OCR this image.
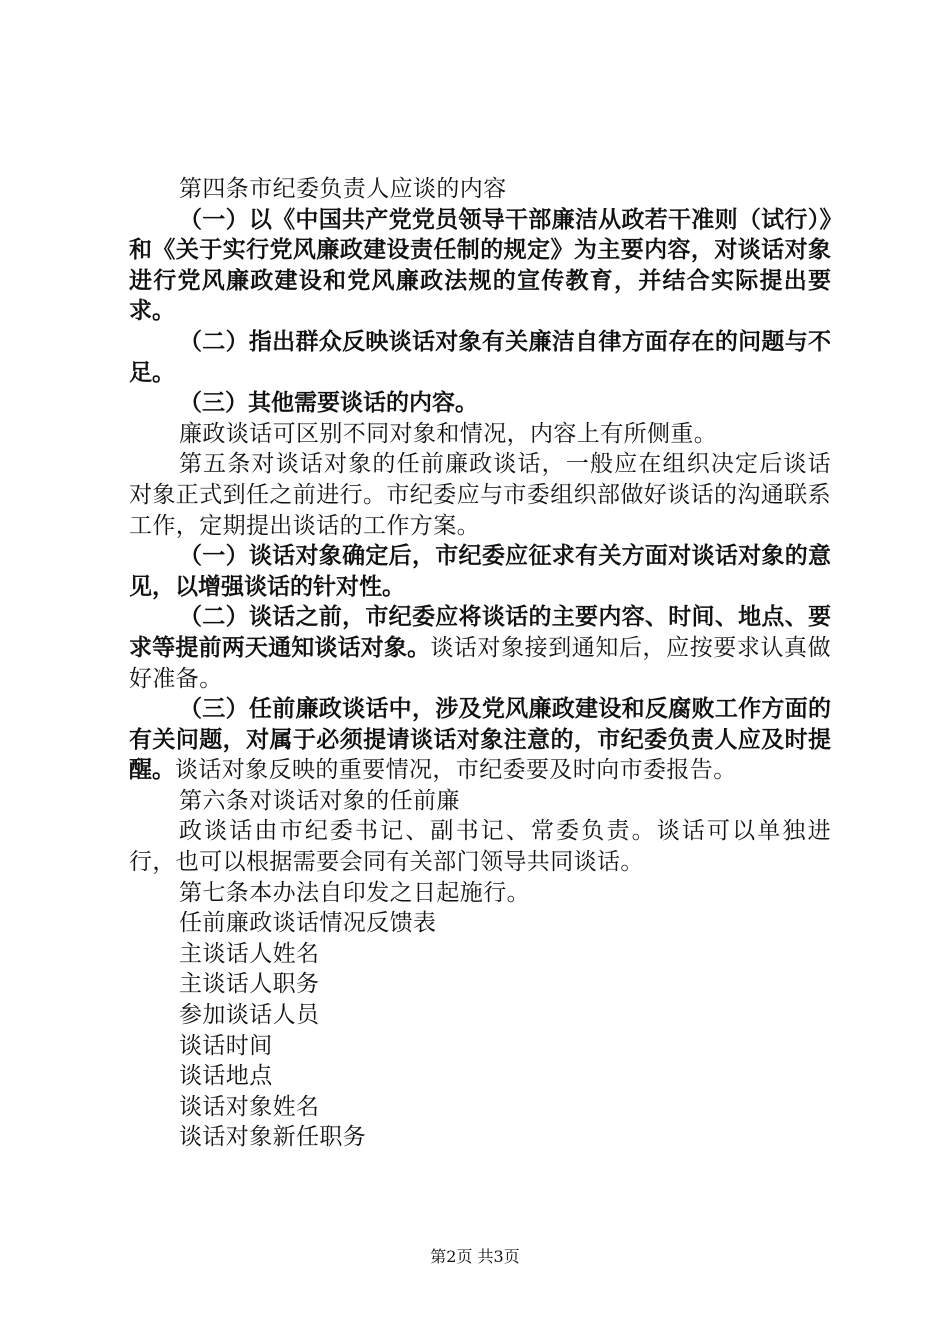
第四条市纪委负责人应谈的内容

（一）以《中国共产党党员领导干部廉洁从政若干准则（试行）》和《关于实行党风廉政建设责任制的规定》为主要内容，对谈话对象进行党风廉政建设和党风廉政法规的宣传教育，并结合实际提出要求。

（二）指出群众反映谈话对象有关廉洁自律方面存在的问题与不足。

（三）其他需要谈话的内容。

廉政谈话可区别不同对象和情况，内容上有所侧重。

第五条对谈话对象的任前廉政谈话，一般应在组织决定后谈话对象正式到任之前进行。市纪委应与市委组织部做好谈话的沟通联系工作，定期提出谈话的工作方案。

（一）谈话对象确定后，市纪委应征求有关方面对谈话对象的意见，以增强谈话的针对性。

（二）谈话之前，市纪委应将谈话的主要内容、时间、地点、要求等提前两天通知谈话对象。谈话对象接到通知后，应按要求认真做好准备。

（三）任前廉政谈话中，涉及党风廉政建设和反腐败工作方面的有关问题，对属于必须提请谈话对象注意的，市纪委负责人应及时提醒。谈话对象反映的重要情况，市纪委要及时向市委报告。

第六条对谈话对象的任前廉

政谈话由市纪委书记、副书记、常委负责。谈话可以单独进行，也可以根据需要会同有关部门领导共同谈话。

第七条本办法自印发之日起施行。

任前廉政谈话情况反馈表

主谈话人姓名

主谈话人职务

参加谈话人员

谈话时间

谈话地点

谈话对象姓名

谈话对象新任职务

第2页 共3页
